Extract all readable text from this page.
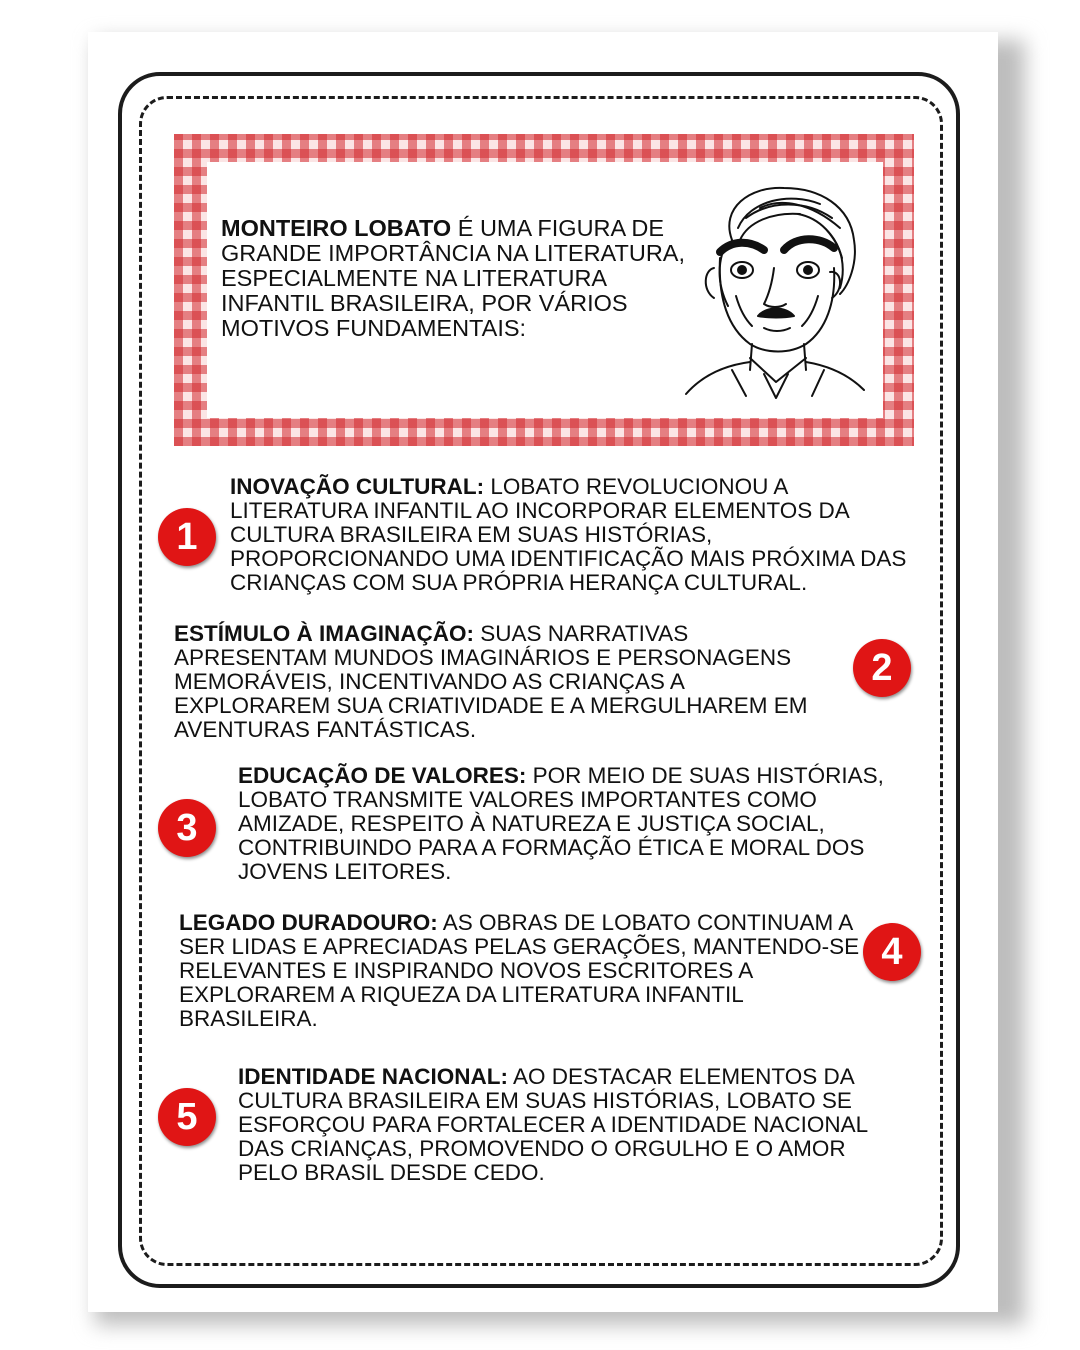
MONTEIRO LOBATO É UMA FIGURA DE GRANDE IMPORTÂNCIA NA LITERATURA, ESPECIALMENTE NA LITERATURA INFANTIL BRASILEIRA, POR VÁRIOS MOTIVOS FUNDAMENTAIS:

1

INOVAÇÃO CULTURAL: LOBATO REVOLUCIONOU A LITERATURA INFANTIL AO INCORPORAR ELEMENTOS DA CULTURA BRASILEIRA EM SUAS HISTÓRIAS, PROPORCIONANDO UMA IDENTIFICAÇÃO MAIS PRÓXIMA DAS CRIANÇAS COM SUA PRÓPRIA HERANÇA CULTURAL.

ESTÍMULO À IMAGINAÇÃO: SUAS NARRATIVAS APRESENTAM MUNDOS IMAGINÁRIOS E PERSONAGENS MEMORÁVEIS, INCENTIVANDO AS CRIANÇAS A EXPLORAREM SUA CRIATIVIDADE E A MERGULHAREM EM AVENTURAS FANTÁSTICAS.

2
3

EDUCAÇÃO DE VALORES: POR MEIO DE SUAS HISTÓRIAS, LOBATO TRANSMITE VALORES IMPORTANTES COMO AMIZADE, RESPEITO À NATUREZA E JUSTIÇA SOCIAL, CONTRIBUINDO PARA A FORMAÇÃO ÉTICA E MORAL DOS JOVENS LEITORES.

LEGADO DURADOURO: AS OBRAS DE LOBATO CONTINUAM A SER LIDAS E APRECIADAS PELAS GERAÇÕES, MANTENDO-SE RELEVANTES E INSPIRANDO NOVOS ESCRITORES A EXPLORAREM A RIQUEZA DA LITERATURA INFANTIL BRASILEIRA.

4
5

IDENTIDADE NACIONAL: AO DESTACAR ELEMENTOS DA CULTURA BRASILEIRA EM SUAS HISTÓRIAS, LOBATO SE ESFORÇOU PARA FORTALECER A IDENTIDADE NACIONAL DAS CRIANÇAS, PROMOVENDO O ORGULHO E O AMOR PELO BRASIL DESDE CEDO.
